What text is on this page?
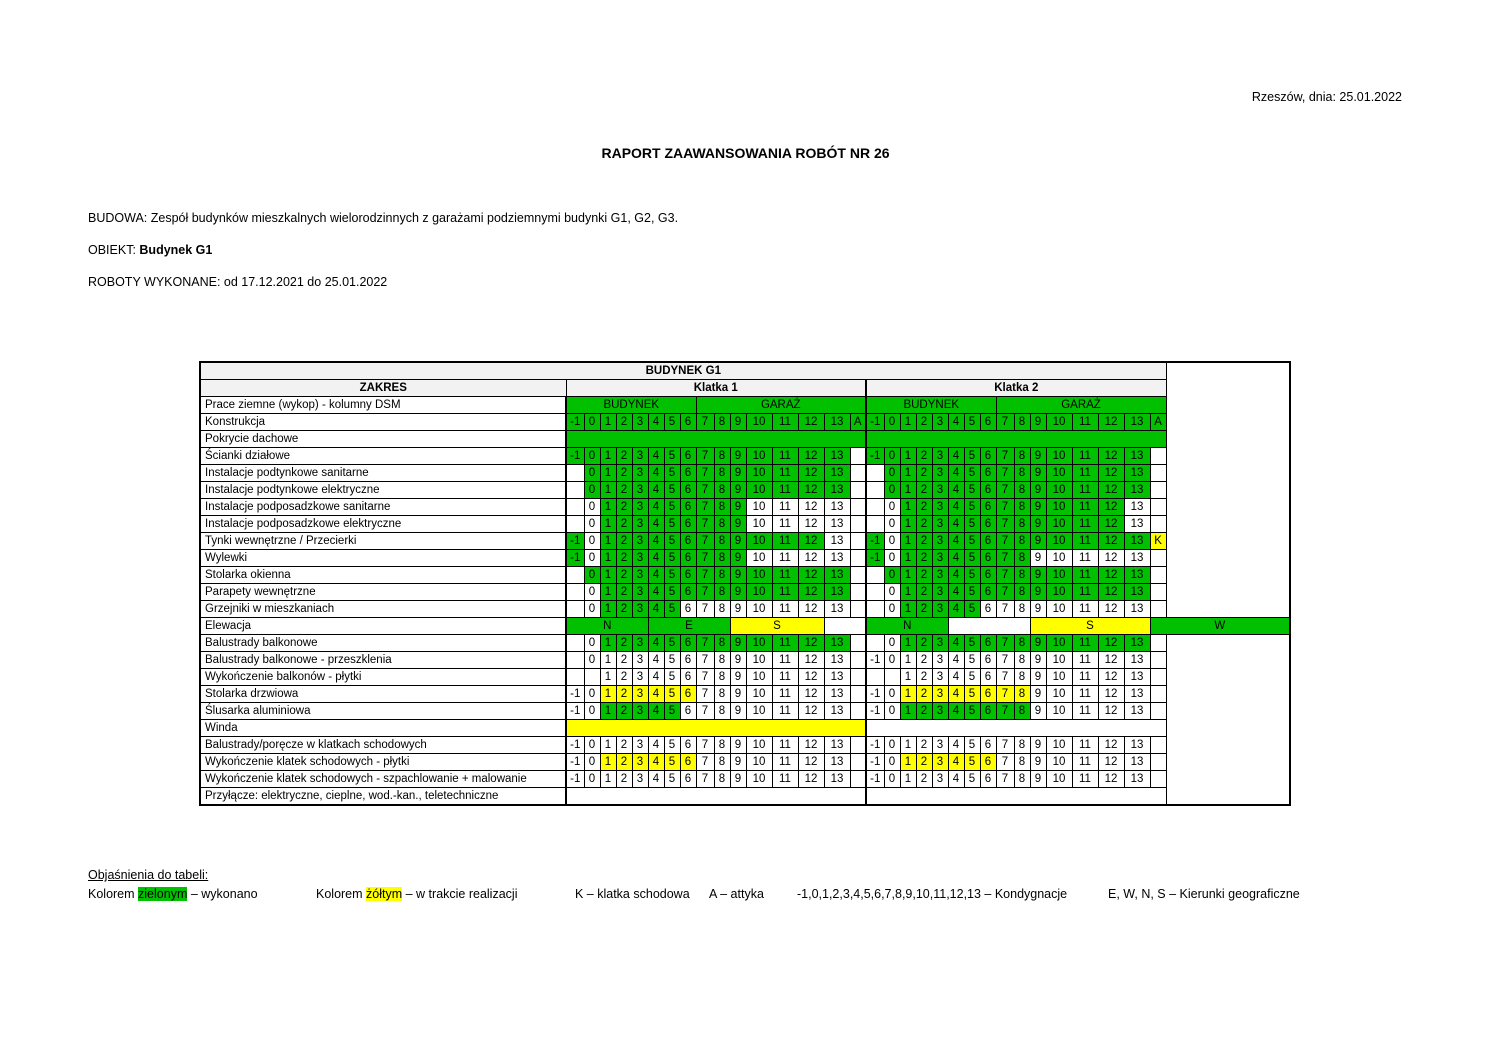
Rzeszów, dnia: 25.01.2022
RAPORT ZAAWANSOWANIA ROBÓT NR 26
BUDOWA: Zespół budynków mieszkalnych wielorodzinnych z garażami podziemnymi budynki G1, G2, G3.
OBIEKT: Budynek G1
ROBOTY WYKONANE: od 17.12.2021 do 25.01.2022
BUDYNEK G1																																
ZAKRES	Klatka 1																Klatka 2															
Prace ziemne (wykop) - kolumny DSM	BUDYNEK								GARAŻ								BUDYNEK								GARAŻ							
Konstrukcja	-1	0	1	2	3	4	5	6	7	8	9	10	11	12	13	A	-1	0	1	2	3	4	5	6	7	8	9	10	11	12	13	A
Pokrycie dachowe																																
Ścianki działowe	-1	0	1	2	3	4	5	6	7	8	9	10	11	12	13		-1	0	1	2	3	4	5	6	7	8	9	10	11	12	13	
Instalacje podtynkowe sanitarne		0	1	2	3	4	5	6	7	8	9	10	11	12	13			0	1	2	3	4	5	6	7	8	9	10	11	12	13	
Instalacje podtynkowe elektryczne		0	1	2	3	4	5	6	7	8	9	10	11	12	13			0	1	2	3	4	5	6	7	8	9	10	11	12	13	
Instalacje podposadzkowe sanitarne		0	1	2	3	4	5	6	7	8	9	10	11	12	13			0	1	2	3	4	5	6	7	8	9	10	11	12	13	
Instalacje podposadzkowe elektryczne		0	1	2	3	4	5	6	7	8	9	10	11	12	13			0	1	2	3	4	5	6	7	8	9	10	11	12	13	
Tynki wewnętrzne / Przecierki	-1	0	1	2	3	4	5	6	7	8	9	10	11	12	13		-1	0	1	2	3	4	5	6	7	8	9	10	11	12	13	K
Wylewki	-1	0	1	2	3	4	5	6	7	8	9	10	11	12	13		-1	0	1	2	3	4	5	6	7	8	9	10	11	12	13	
Stolarka okienna		0	1	2	3	4	5	6	7	8	9	10	11	12	13			0	1	2	3	4	5	6	7	8	9	10	11	12	13	
Parapety wewnętrzne		0	1	2	3	4	5	6	7	8	9	10	11	12	13			0	1	2	3	4	5	6	7	8	9	10	11	12	13	
Grzejniki w mieszkaniach		0	1	2	3	4	5	6	7	8	9	10	11	12	13			0	1	2	3	4	5	6	7	8	9	10	11	12	13	
Elewacja	N					E					S						N										S					W
Balustrady balkonowe		0	1	2	3	4	5	6	7	8	9	10	11	12	13			0	1	2	3	4	5	6	7	8	9	10	11	12	13	
Balustrady balkonowe - przeszklenia		0	1	2	3	4	5	6	7	8	9	10	11	12	13		-1	0	1	2	3	4	5	6	7	8	9	10	11	12	13	
Wykończenie balkonów - płytki			1	2	3	4	5	6	7	8	9	10	11	12	13				1	2	3	4	5	6	7	8	9	10	11	12	13	
Stolarka drzwiowa	-1	0	1	2	3	4	5	6	7	8	9	10	11	12	13		-1	0	1	2	3	4	5	6	7	8	9	10	11	12	13	
Ślusarka aluminiowa	-1	0	1	2	3	4	5	6	7	8	9	10	11	12	13		-1	0	1	2	3	4	5	6	7	8	9	10	11	12	13	
Winda																																
Balustrady/poręcze w klatkach schodowych	-1	0	1	2	3	4	5	6	7	8	9	10	11	12	13		-1	0	1	2	3	4	5	6	7	8	9	10	11	12	13	
Wykończenie klatek schodowych - płytki	-1	0	1	2	3	4	5	6	7	8	9	10	11	12	13		-1	0	1	2	3	4	5	6	7	8	9	10	11	12	13	
Wykończenie klatek schodowych - szpachlowanie + malowanie	-1	0	1	2	3	4	5	6	7	8	9	10	11	12	13		-1	0	1	2	3	4	5	6	7	8	9	10	11	12	13	
Przyłącze: elektryczne, cieplne, wod.-kan., teletechniczne																																
Objaśnienia do tabeli:
Kolorem zielonym – wykonano	Kolorem żółtym – w trakcie realizacji	K – klatka schodowa A – attyka	-1,0,1,2,3,4,5,6,7,8,9,10,11,12,13 – Kondygnacje	E, W, N, S – Kierunki geograficzne
